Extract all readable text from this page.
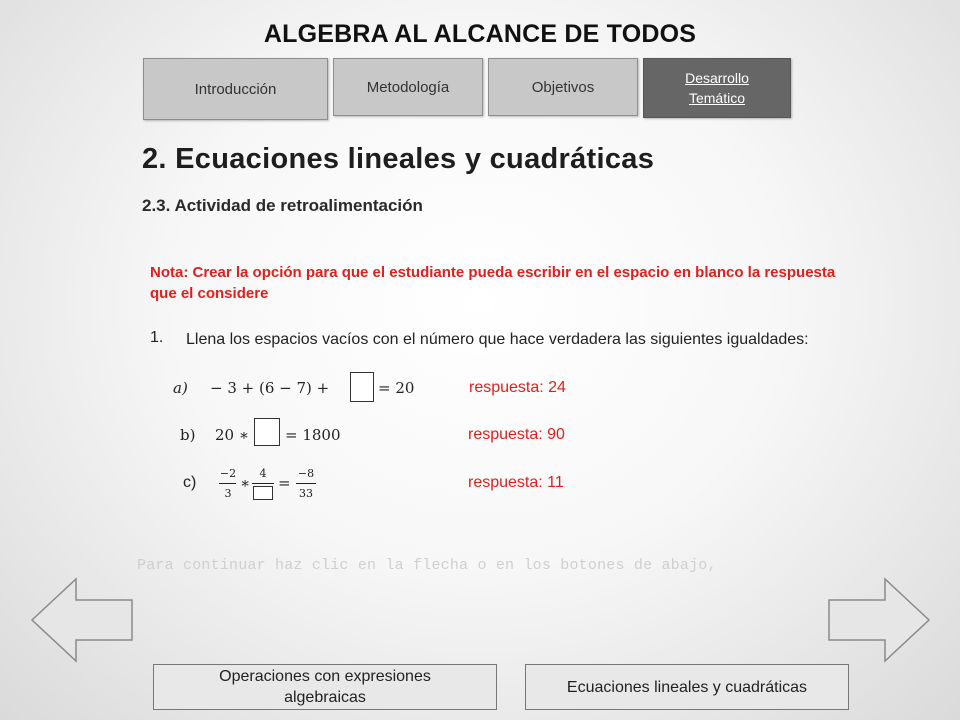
ALGEBRA AL ALCANCE DE TODOS
Introducción	Metodología	Objetivos
Desarrollo Temático
2. Ecuaciones lineales y cuadráticas
2.3. Actividad de retroalimentación
Nota: Crear la opción para que el estudiante pueda escribir en el espacio en blanco la respuesta que el considere
1. Llena los espacios vacíos con el número que hace verdadera las siguientes igualdades:
a) − 3 + (6 − 7) +	= 20	respuesta: 24
b) 20 ∗ = 1800	respuesta: 90
c)
−2
3
∗
4
=
−8
33
respuesta: 11
Para continuar haz clic en la flecha o en los botones de abajo,
Operaciones con expresiones algebraicas
Ecuaciones lineales y cuadráticas
